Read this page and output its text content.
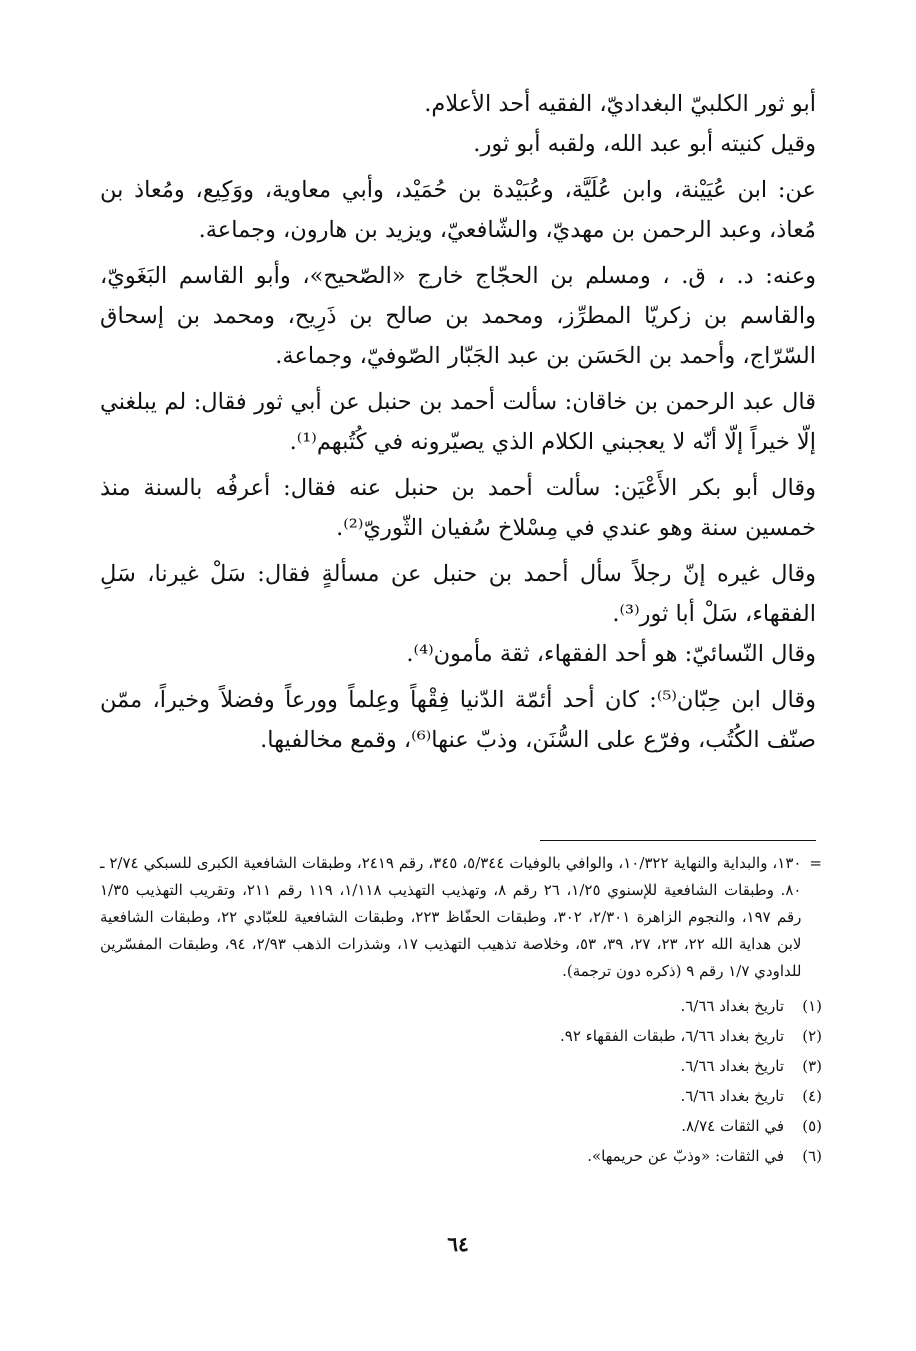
أبو ثور الكلبيّ البغداديّ، الفقيه أحد الأعلام.

وقيل كنيته أبو عبد الله، ولقبه أبو ثور.

عن: ابن عُيَيْنة، وابن عُلَيَّة، وعُبَيْدة بن حُمَيْد، وأبي معاوية، ووَكِيع، ومُعاذ بن مُعاذ، وعبد الرحمن بن مهديّ، والشّافعيّ، ويزيد بن هارون، وجماعة.

وعنه: د. ، ق. ، ومسلم بن الحجّاج خارج «الصّحيح»، وأبو القاسم البَغَويّ، والقاسم بن زكريّا المطرِّز، ومحمد بن صالح بن ذَرِيح، ومحمد بن إسحاق السّرّاج، وأحمد بن الحَسَن بن عبد الجَبّار الصّوفيّ، وجماعة.

قال عبد الرحمن بن خاقان: سألت أحمد بن حنبل عن أبي ثور فقال: لم يبلغني إلّا خيراً إلّا أنّه لا يعجبني الكلام الذي يصيّرونه في كُتُبهم⁽¹⁾.

وقال أبو بكر الأَعْيَن: سألت أحمد بن حنبل عنه فقال: أعرفُه بالسنة منذ خمسين سنة وهو عندي في مِسْلاخ سُفيان الثّوريّ⁽²⁾.

وقال غيره إنّ رجلاً سأل أحمد بن حنبل عن مسألةٍ فقال: سَلْ غيرنا، سَلِ الفقهاء، سَلْ أبا ثور⁽³⁾.

وقال النّسائيّ: هو أحد الفقهاء، ثقة مأمون⁽⁴⁾.

وقال ابن حِبّان⁽⁵⁾: كان أحد أئمّة الدّنيا فِقْهاً وعِلماً وورعاً وفضلاً وخيراً، ممّن صنّف الكُتُب، وفرّع على السُّنَن، وذبّ عنها⁽⁶⁾، وقمع مخالفيها.

=
١٣٠، والبداية والنهاية ١٠/٣٢٢، والوافي بالوفيات ٥/٣٤٤، ٣٤٥، رقم ٢٤١٩، وطبقات الشافعية الكبرى للسبكي ٢/٧٤ ـ ٨٠. وطبقات الشافعية للإسنوي ١/٢٥، ٢٦ رقم ٨، وتهذيب التهذيب ١/١١٨، ١١٩ رقم ٢١١، وتقريب التهذيب ١/٣٥ رقم ١٩٧، والنجوم الزاهرة ٢/٣٠١، ٣٠٢، وطبقات الحفّاظ ٢٢٣، وطبقات الشافعية للعبّادي ٢٢، وطبقات الشافعية لابن هداية الله ٢٢، ٢٣، ٢٧، ٣٩، ٥٣، وخلاصة تذهيب التهذيب ١٧، وشذرات الذهب ٢/٩٣، ٩٤، وطبقات المفسّرين للداودي ١/٧ رقم ٩ (ذكره دون ترجمة).
(١)
تاريخ بغداد ٦/٦٦.
(٢)
تاريخ بغداد ٦/٦٦، طبقات الفقهاء ٩٢.
(٣)
تاريخ بغداد ٦/٦٦.
(٤)
تاريخ بغداد ٦/٦٦.
(٥)
في الثقات ٨/٧٤.
(٦)
في الثقات: «وذبّ عن حريمها».
٦٤
